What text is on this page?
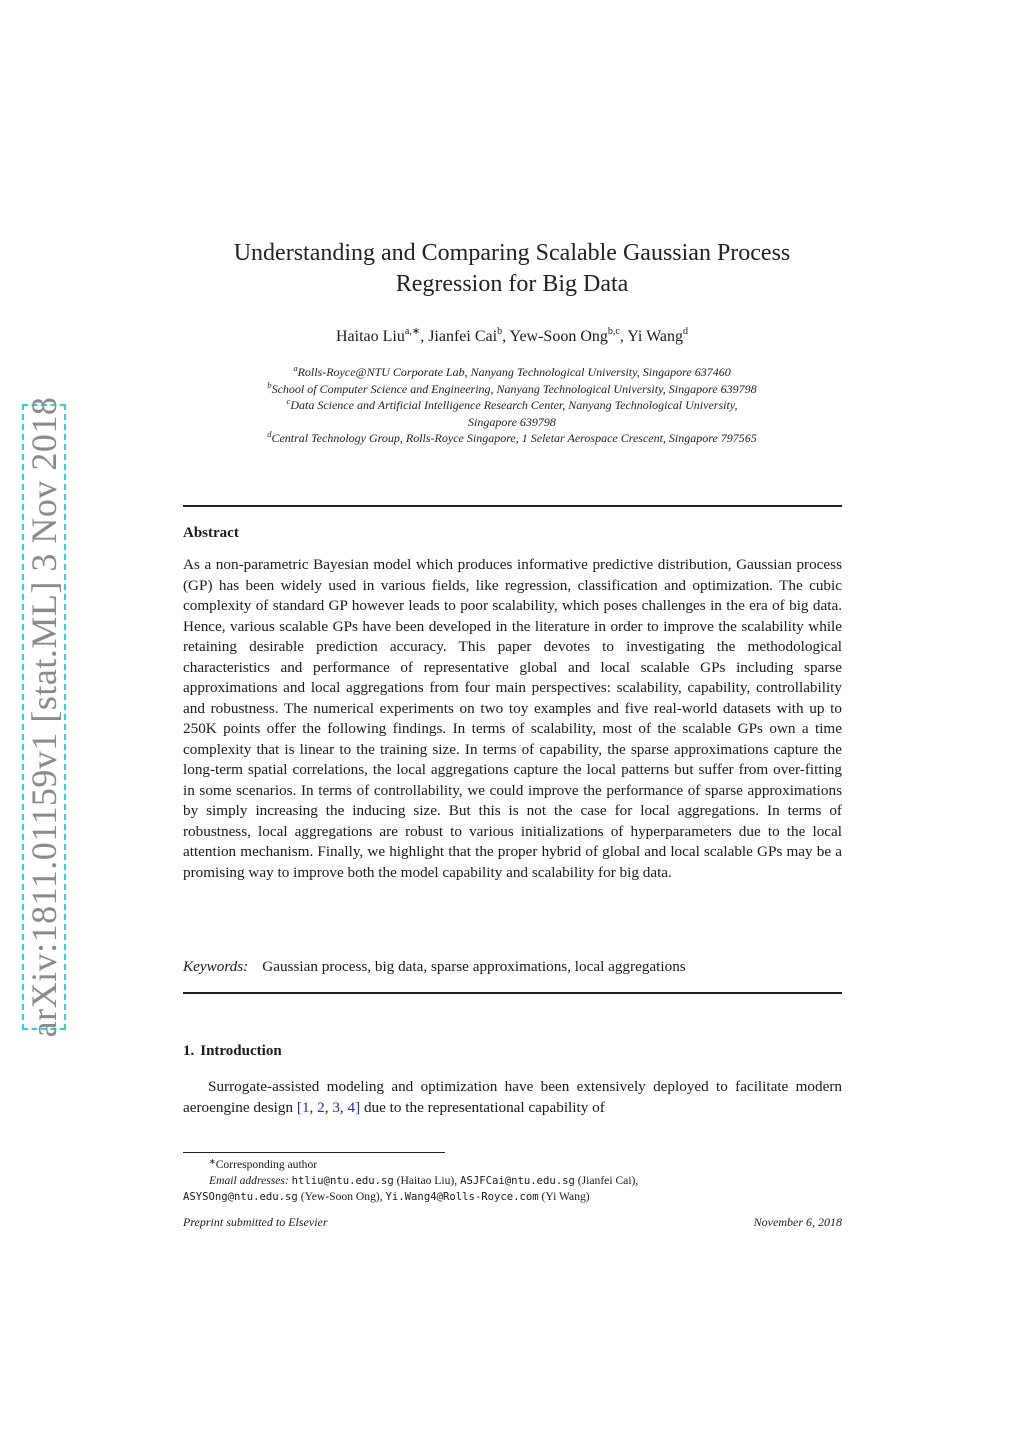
arXiv:1811.01159v1 [stat.ML] 3 Nov 2018
Understanding and Comparing Scalable Gaussian Process
Regression for Big Data
Haitao Liu$^{a,∗}$, Jianfei Cai$^b$, Yew-Soon Ong$^{b,c}$, Yi Wang$^d$
$^a$Rolls-Royce@NTU Corporate Lab, Nanyang Technological University, Singapore 637460
$^b$School of Computer Science and Engineering, Nanyang Technological University, Singapore 639798
$^c$Data Science and Artificial Intelligence Research Center, Nanyang Technological University,
Singapore 639798
$^d$Central Technology Group, Rolls-Royce Singapore, 1 Seletar Aerospace Crescent, Singapore 797565
Abstract
As a non-parametric Bayesian model which produces informative predictive distribution, Gaussian process (GP) has been widely used in various fields, like regression, classification and optimization. The cubic complexity of standard GP however leads to poor scalability, which poses challenges in the era of big data. Hence, various scalable GPs have been developed in the literature in order to improve the scalability while retaining desirable prediction accuracy. This paper devotes to investigating the methodological characteristics and performance of representative global and local scalable GPs including sparse approximations and local aggregations from four main perspectives: scalability, capability, controllability and robustness. The numerical experiments on two toy examples and five real-world datasets with up to 250K points offer the following findings. In terms of scalability, most of the scalable GPs own a time complexity that is linear to the training size. In terms of capability, the sparse approximations capture the long-term spatial correlations, the local aggregations capture the local patterns but suffer from over-fitting in some scenarios. In terms of controllability, we could improve the performance of sparse approximations by simply increasing the inducing size. But this is not the case for local aggregations. In terms of robustness, local aggregations are robust to various initializations of hyperparameters due to the local attention mechanism. Finally, we highlight that the proper hybrid of global and local scalable GPs may be a promising way to improve both the model capability and scalability for big data.
Keywords: Gaussian process, big data, sparse approximations, local aggregations
1. Introduction
Surrogate-assisted modeling and optimization have been extensively deployed to facilitate modern aeroengine design [1, 2, 3, 4] due to the representational capability of
∗Corresponding author
Email addresses: htliu@ntu.edu.sg (Haitao Liu), ASJFCai@ntu.edu.sg (Jianfei Cai),
ASYSOng@ntu.edu.sg (Yew-Soon Ong), Yi.Wang4@Rolls-Royce.com (Yi Wang)
Preprint submitted to Elsevier	November 6, 2018
